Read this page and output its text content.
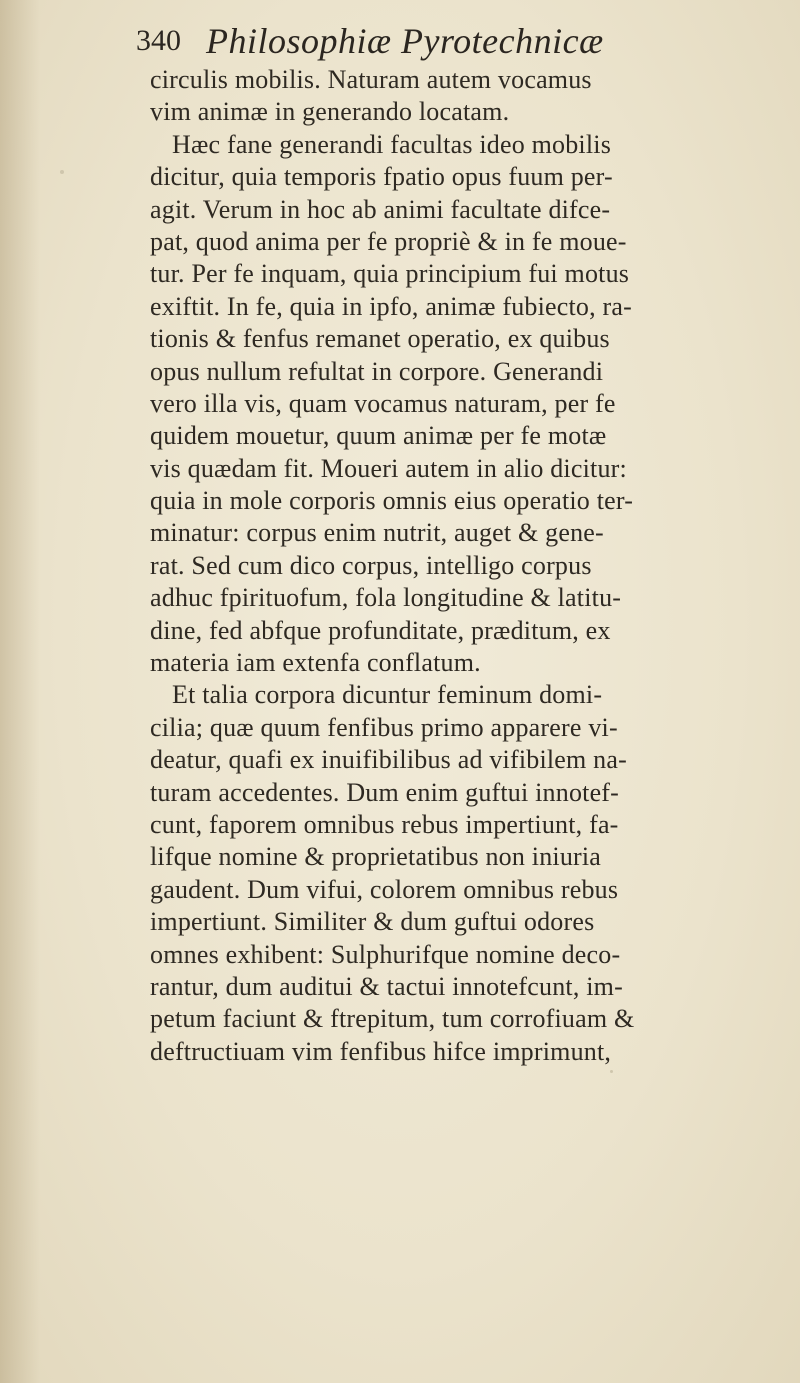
340 Philosophiæ Pyrotechnicæ
circulis mobilis. Naturam autem vocamus
vim animæ in generando locatam.
Hæc fane generandi facultas ideo mobilis
dicitur, quia temporis fpatio opus fuum per-
agit. Verum in hoc ab animi facultate difce-
pat, quod anima per fe propriè & in fe moue-
tur. Per fe inquam, quia principium fui motus
exiftit. In fe, quia in ipfo, animæ fubiecto, ra-
tionis & fenfus remanet operatio, ex quibus
opus nullum refultat in corpore. Generandi
vero illa vis, quam vocamus naturam, per fe
quidem mouetur, quum animæ per fe motæ
vis quædam fit. Moueri autem in alio dicitur:
quia in mole corporis omnis eius operatio ter-
minatur: corpus enim nutrit, auget & gene-
rat. Sed cum dico corpus, intelligo corpus
adhuc fpirituofum, fola longitudine & latitu-
dine, fed abfque profunditate, præditum, ex
materia iam extenfa conflatum.
Et talia corpora dicuntur feminum domi-
cilia; quæ quum fenfibus primo apparere vi-
deatur, quafi ex inuifibilibus ad vifibilem na-
turam accedentes. Dum enim guftui innotef-
cunt, faporem omnibus rebus impertiunt, fa-
lifque nomine & proprietatibus non iniuria
gaudent. Dum vifui, colorem omnibus rebus
impertiunt. Similiter & dum guftui odores
omnes exhibent: Sulphurifque nomine deco-
rantur, dum auditui & tactui innotefcunt, im-
petum faciunt & ftrepitum, tum corrofiuam &
deftructiuam vim fenfibus hifce imprimunt,
